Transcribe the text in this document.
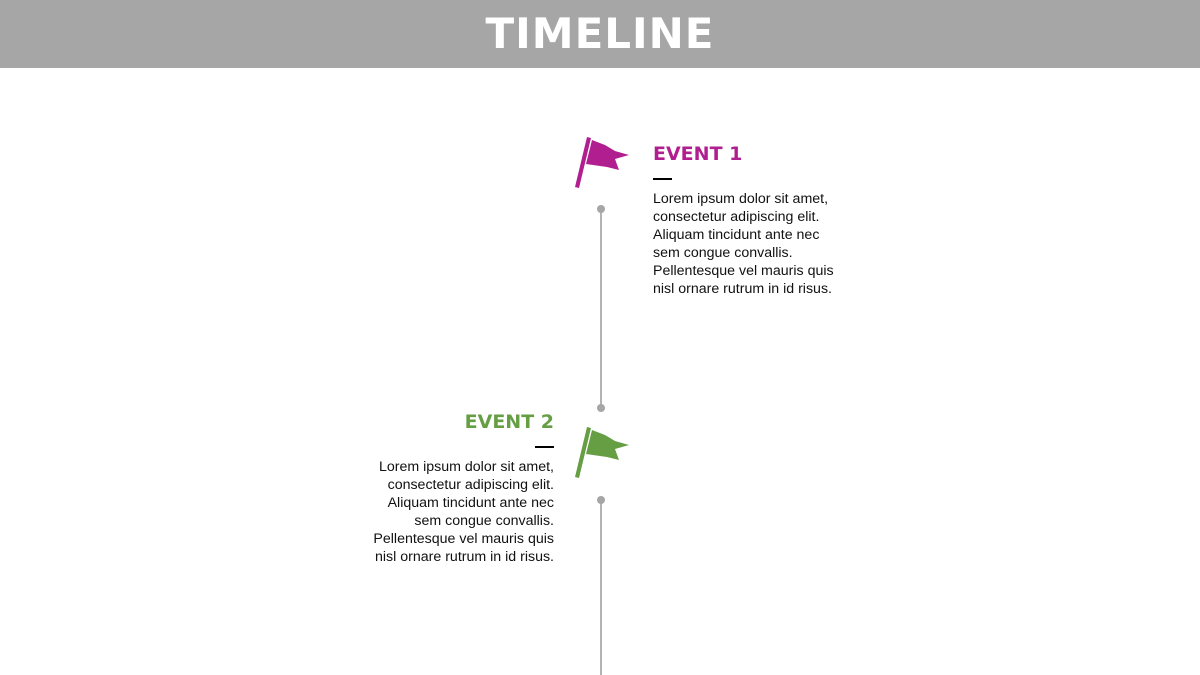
TIMELINE
EVENT 1
Lorem ipsum dolor sit amet,
consectetur adipiscing elit.
Aliquam tincidunt ante nec
sem congue convallis.
Pellentesque vel mauris quis
nisl ornare rutrum in id risus.
EVENT 2
Lorem ipsum dolor sit amet,
consectetur adipiscing elit.
Aliquam tincidunt ante nec
sem congue convallis.
Pellentesque vel mauris quis
nisl ornare rutrum in id risus.
